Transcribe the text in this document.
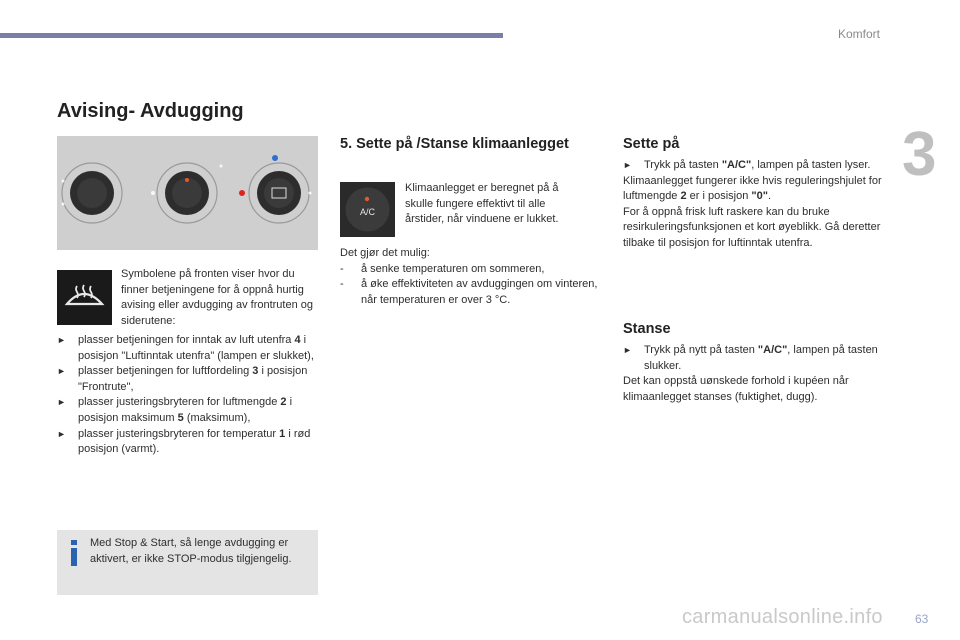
Komfort
3
Avising- Avdugging
Symbolene på fronten viser hvor du finner betjeningene for å oppnå hurtig avising eller avdugging av frontruten og siderutene:
► plasser betjeningen for inntak av luft utenfra 4 i posisjon "Luftinntak utenfra" (lampen er slukket),
► plasser betjeningen for luftfordeling 3 i posisjon "Frontrute",
► plasser justeringsbryteren for luftmengde 2 i posisjon maksimum 5 (maksimum),
► plasser justeringsbryteren for temperatur 1 i rød posisjon (varmt).
Med Stop & Start, så lenge avdugging er aktivert, er ikke STOP-modus tilgjengelig.
5. Sette på /Stanse klimaanlegget
A/C
Klimaanlegget er beregnet på å skulle fungere effektivt til alle årstider, når vinduene er lukket.

Det gjør det mulig:

- å senke temperaturen om sommeren,
- å øke effektiviteten av avduggingen om vinteren, når temperaturen er over 3 °C.
Sette på
► Trykk på tasten "A/C", lampen på tasten lyser.

Klimaanlegget fungerer ikke hvis reguleringshjulet for luftmengde 2 er i posisjon "0".

For å oppnå frisk luft raskere kan du bruke resirkuleringsfunksjonen et kort øyeblikk. Gå deretter tilbake til posisjon for luftinntak utenfra.

Stanse
► Trykk på nytt på tasten "A/C", lampen på tasten slukker.

Det kan oppstå uønskede forhold i kupéen når klimaanlegget stanses (fuktighet, dugg).

carmanualsonline.info	63
